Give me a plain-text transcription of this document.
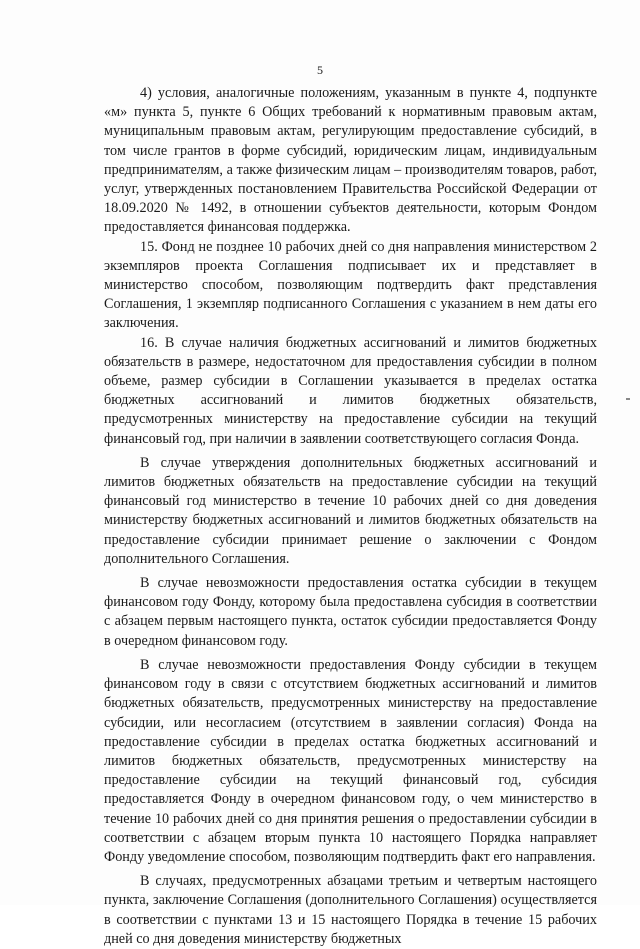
5

4) условия, аналогичные положениям, указанным в пункте 4, подпункте «м» пункта 5, пункте 6 Общих требований к нормативным правовым актам, муниципальным правовым актам, регулирующим предоставление субсидий, в том числе грантов в форме субсидий, юридическим лицам, индивидуальным предпринимателям, а также физическим лицам – производителям товаров, работ, услуг, утвержденных постановлением Правительства Российской Федерации от 18.09.2020 № 1492, в отношении субъектов деятельности, которым Фондом предоставляется финансовая поддержка.

15. Фонд не позднее 10 рабочих дней со дня направления министерством 2 экземпляров проекта Соглашения подписывает их и представляет в министерство способом, позволяющим подтвердить факт представления Соглашения, 1 экземпляр подписанного Соглашения с указанием в нем даты его заключения.

16. В случае наличия бюджетных ассигнований и лимитов бюджетных обязательств в размере, недостаточном для предоставления субсидии в полном объеме, размер субсидии в Соглашении указывается в пределах остатка бюджетных ассигнований и лимитов бюджетных обязательств, предусмотренных министерству на предоставление субсидии на текущий финансовый год, при наличии в заявлении соответствующего согласия Фонда.

В случае утверждения дополнительных бюджетных ассигнований и лимитов бюджетных обязательств на предоставление субсидии на текущий финансовый год министерство в течение 10 рабочих дней со дня доведения министерству бюджетных ассигнований и лимитов бюджетных обязательств на предоставление субсидии принимает решение о заключении с Фондом дополнительного Соглашения.

В случае невозможности предоставления остатка субсидии в текущем финансовом году Фонду, которому была предоставлена субсидия в соответствии с абзацем первым настоящего пункта, остаток субсидии предоставляется Фонду в очередном финансовом году.

В случае невозможности предоставления Фонду субсидии в текущем финансовом году в связи с отсутствием бюджетных ассигнований и лимитов бюджетных обязательств, предусмотренных министерству на предоставление субсидии, или несогласием (отсутствием в заявлении согласия) Фонда на предоставление субсидии в пределах остатка бюджетных ассигнований и лимитов бюджетных обязательств, предусмотренных министерству на предоставление субсидии на текущий финансовый год, субсидия предоставляется Фонду в очередном финансовом году, о чем министерство в течение 10 рабочих дней со дня принятия решения о предоставлении субсидии в соответствии с абзацем вторым пункта 10 настоящего Порядка направляет Фонду уведомление способом, позволяющим подтвердить факт его направления.

В случаях, предусмотренных абзацами третьим и четвертым настоящего пункта, заключение Соглашения (дополнительного Соглашения) осуществляется в соответствии с пунктами 13 и 15 настоящего Порядка в течение 15 рабочих дней со дня доведения министерству бюджетных
